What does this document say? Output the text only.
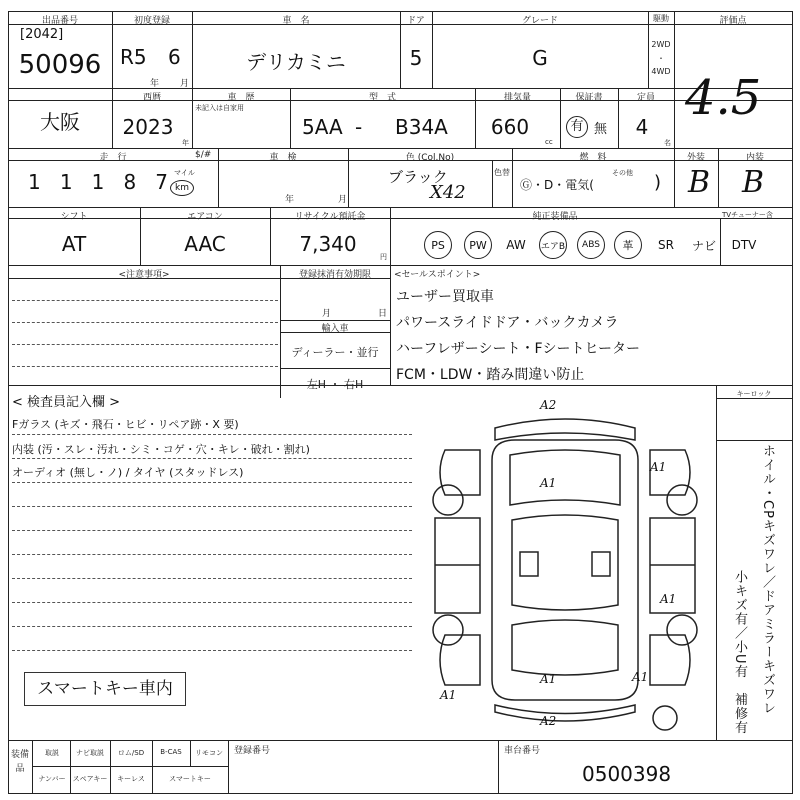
出品番号
[2042]
50096
初度登録
R5 6
年 月
車　名
デリカミニ
ドア
5
グレード
G
駆動
2WD
・
4WD
評価点
4.5
大阪
西暦
2023
年
車　歴
未記入は自家用
型　式
5AA - B34A
排気量
660
cc
保証書
有 無
定員
4
名
走　行
1 1 1 8 7 マイル
km
$/#	車　検
年	月
色 (Col.No)
ブラック
X42
色替
燃　料
Ⓖ・D・電気(
その他 )
外装
B
内装
B
シフト
AT
エアコン
AAC
リサイクル預託金
7,340
円
純正装備品	TVチューナー含
PS	PW	AW	エアB	ABS	革	SR	ナビ	DTV
<注意事項>	登録抹消有効期限
月	日
輸入車
ディーラー・並行
左H ・ 右H
<セールスポイント>
ユーザー買取車
パワースライドドア・バックカメラ
ハーフレザーシート・Fシートヒーター
FCM・LDW・踏み間違い防止
< 検査員記入欄 >
Fガラス (キズ・飛石・ヒビ・リペア跡・X 要)
内装 (汚・スレ・汚れ・シミ・コゲ・穴・キレ・破れ・割れ)
オーディオ (無し・ノ) / タイヤ (スタッドレス)
スマートキー車内
キーロック
ホイル・CPキズワレ／ドアミラーキズワレ
小キズ有／小U有　補修有
A2
A1
A1
A1
A1
A1	A1
A2
装備品
取説	ナビ取説	ロム/SD	B-CAS	リモコン
ナンバー	スペアキー	キーレス	スマートキー
登録番号	車台番号
0500398
